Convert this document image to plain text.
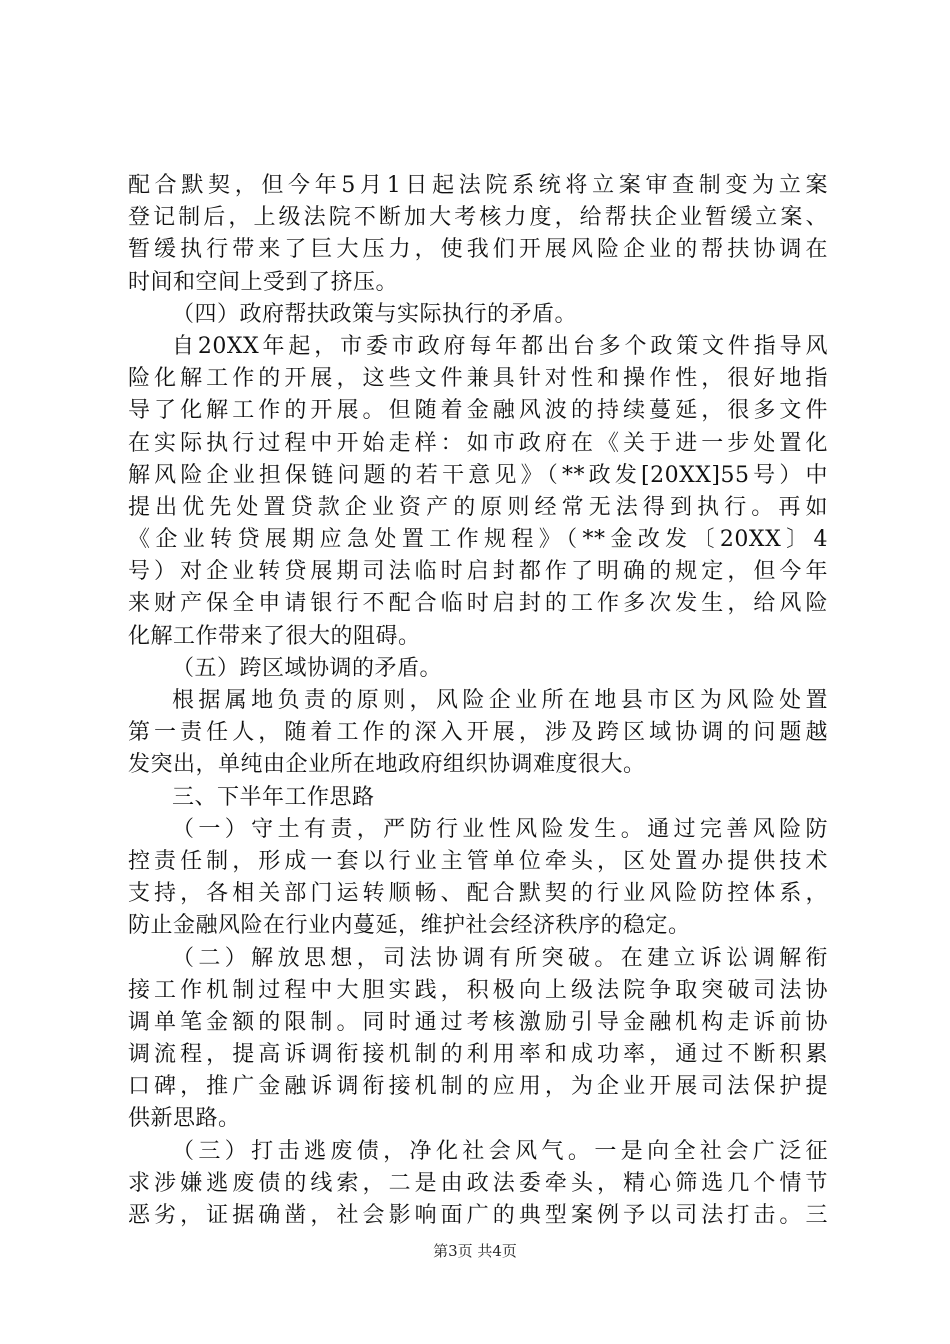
配合默契，但今年5月1日起法院系统将立案审查制变为立案
登记制后，上级法院不断加大考核力度，给帮扶企业暂缓立案、
暂缓执行带来了巨大压力，使我们开展风险企业的帮扶协调在
时间和空间上受到了挤压。
（四）政府帮扶政策与实际执行的矛盾。
自20XX年起，市委市政府每年都出台多个政策文件指导风
险化解工作的开展，这些文件兼具针对性和操作性，很好地指
导了化解工作的开展。但随着金融风波的持续蔓延，很多文件
在实际执行过程中开始走样：如市政府在《关于进一步处置化
解风险企业担保链问题的若干意见》（**政发[20XX]55号）中
提出优先处置贷款企业资产的原则经常无法得到执行。再如
《企业转贷展期应急处置工作规程》（**金改发〔20XX〕4
号）对企业转贷展期司法临时启封都作了明确的规定，但今年
来财产保全申请银行不配合临时启封的工作多次发生，给风险
化解工作带来了很大的阻碍。
（五）跨区域协调的矛盾。
根据属地负责的原则，风险企业所在地县市区为风险处置
第一责任人，随着工作的深入开展，涉及跨区域协调的问题越
发突出，单纯由企业所在地政府组织协调难度很大。
三、下半年工作思路
（一）守土有责，严防行业性风险发生。通过完善风险防
控责任制，形成一套以行业主管单位牵头，区处置办提供技术
支持，各相关部门运转顺畅、配合默契的行业风险防控体系，
防止金融风险在行业内蔓延，维护社会经济秩序的稳定。
（二）解放思想，司法协调有所突破。在建立诉讼调解衔
接工作机制过程中大胆实践，积极向上级法院争取突破司法协
调单笔金额的限制。同时通过考核激励引导金融机构走诉前协
调流程，提高诉调衔接机制的利用率和成功率，通过不断积累
口碑，推广金融诉调衔接机制的应用，为企业开展司法保护提
供新思路。
（三）打击逃废债，净化社会风气。一是向全社会广泛征
求涉嫌逃废债的线索，二是由政法委牵头，精心筛选几个情节
恶劣，证据确凿，社会影响面广的典型案例予以司法打击。三
第3页 共4页
